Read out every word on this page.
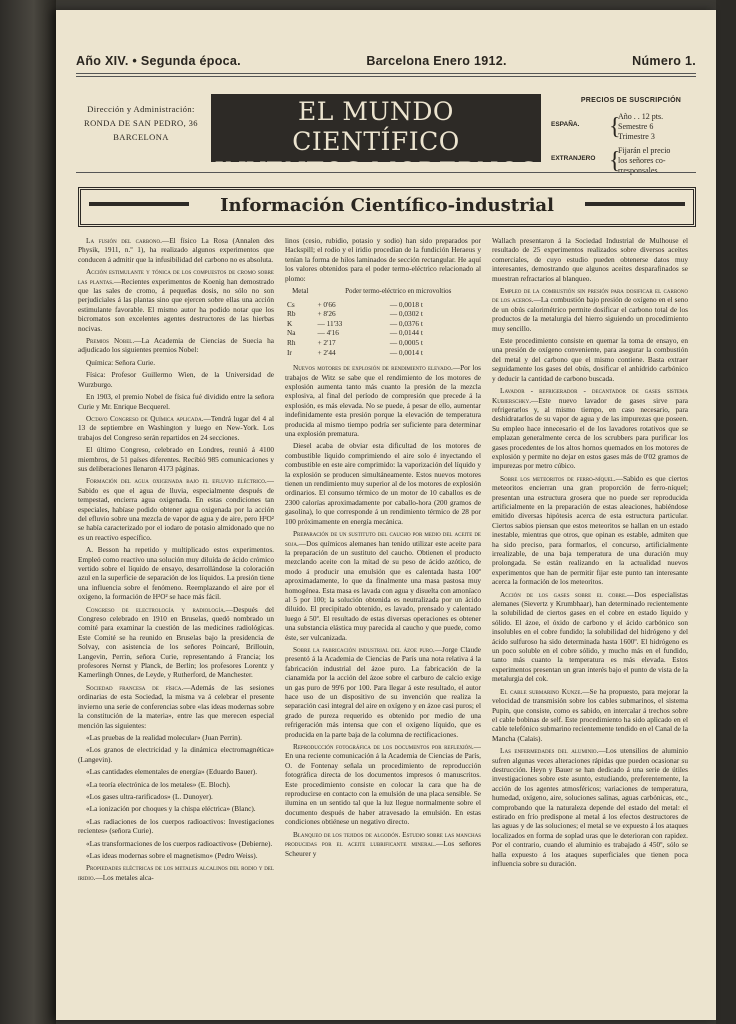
Año XIV. • Segunda época.	Barcelona Enero 1912.	Número 1.
Dirección y Administración:
RONDA DE SAN PEDRO, 36
BARCELONA
EL MUNDO CIENTÍFICO
INVENTOS MODERNOS
PRECIOS DE SUSCRIPCIÓN
ESPAÑA.	{
Año . . 12 pts.
Semestre 6
Trimestre 3
EXTRANJERO {
Fijarán el precio
los señores co-
rresponsales.
Información Científico-industrial

La fusión del carbono.—El físico La Rosa (Annalen des Physik, 1911, n.º 1), ha realizado algunos experimentos que conducen á admitir que la infusibilidad del carbono no es absoluta.

Acción estimulante y tónica de los compuestos de cromo sobre las plantas.—Recientes experimentos de Koenig han demostrado que las sales de cromo, á pequeñas dosis, no sólo no son perjudiciales á las plantas sino que ejercen sobre ellas una acción estimulante favorable. El mismo autor ha podido notar que los bicromatos son excelentes agentes destructores de las hierbas nocivas.

Premios Nobel.—La Academia de Ciencias de Suecia ha adjudicado los siguientes premios Nobel:

Química: Señora Curie.

Física: Profesor Guillermo Wien, de la Universidad de Wurzburgo.

En 1903, el premio Nobel de física fué dividido entre la señora Curie y Mr. Enrique Becquerel.

Octavo Congreso de Química aplicada.—Tendrá lugar del 4 al 13 de septiembre en Washington y luego en New-York. Los trabajos del Congreso serán repartidos en 24 secciones.

El último Congreso, celebrado en Londres, reunió á 4100 miembros, de 51 países diferentes. Recibió 985 comunicaciones y sus deliberaciones llenaron 4173 páginas.

Formación del agua oxigenada bajo el efluvio eléctrico.—Sabido es que el agua de lluvia, especialmente después de tempestad, encierra agua oxigenada. En estas condiciones tan especiales, habíase podido obtener agua oxigenada por la acción del efluvio sobre una mezcla de vapor de agua y de aire, pero H²O² se había caracterizado por el iodaro de potasio almidonado que no es un reactivo específico.

A. Besson ha repetido y multiplicado estos experimentos. Empleó como reactivo una solución muy diluída de ácido crómico vertido sobre el líquido de ensayo, desarrollándose la coloración azul en la superficie de separación de los líquidos. La presión tiene una influencia sobre el fenómeno. Reemplazando el aire por el oxígeno, la formación de H²O² se hace más fácil.

Congreso de electrología y radiología.—Después del Congreso celebrado en 1910 en Bruselas, quedó nombrado un comité para examinar la cuestión de las medicines radiológicas. Este Comité se ha reunido en Bruselas bajo la presidencia de Solvay, con asistencia de los señores Poincaré, Brillouin, Langevin, Perrin, señora Curie, representando á Francia; los profesores Nernst y Planck, de Berlin; los profesores Lorentz y Kamerlingh Onnes, de Leyde, y Rutherford, de Manchester.

Sociedad francesa de física.—Además de las sesiones ordinarias de esta Sociedad, la misma va á celebrar el presente invierno una serie de conferencias sobre «las ideas modernas sobre la constitución de la materia», entre las que merecen especial mención las siguientes:

«Las pruebas de la realidad molecular» (Juan Perrin).

«Los granos de electricidad y la dinámica electromagnética» (Langevin).

«Las cantidades elementales de energía» (Eduardo Bauer).

«La teoría electrónica de los metales» (E. Bloch).

«Los gases ultra-rarificados» (L. Dunoyer).

«La ionización por choques y la chispa eléctrica» (Blanc).

«Las radiaciones de los cuerpos radioactivos: Investigaciones recientes» (señora Curie).

«Las transformaciones de los cuerpos radioactivos» (Debierne).

«Las ideas modernas sobre el magnetismo» (Pedro Weiss).

Propiedades eléctricas de los metales alcalinos del rodio y del iridio.—Los metales alca-

linos (cesio, rubidio, potasio y sodio) han sido preparados por Hackspill; el rodio y el iridio procedían de la fundición Heraeus y tenían la forma de hilos laminados de sección rectangular. He aquí los valores obtenidos para el poder termo-eléctrico relacionado al plomo:

Metal	Poder termo-eléctrico en microvoltios	
Cs	+ 0'66	— 0,0018 t
Rb	+ 8'26	— 0,0302 t
K	— 11'33	— 0,0376 t
Na	— 4'16	— 0,0144 t
Rh	+ 2'17	— 0,0005 t
Ir	+ 2'44	— 0,0014 t

Nuevos motores de explosión de rendimiento elevado.—Por los trabajos de Witz se sabe que el rendimiento de los motores de explosión aumenta tanto más cuanto la presión de la mezcla explosiva, al final del período de compresión que precede á la explosión, es más elevada. No se puede, á pesar de ello, aumentar indefinidamente esta presión porque la elevación de temperatura producida al mismo tiempo podría ser suficiente para determinar una explosión prematura.

Diesel acaba de obviar esta dificultad de los motores de combustible líquido comprimiendo el aire solo é inyectando el combustible en este aire comprimido: la vaporización del líquido y la explosión se producen simultáneamente. Estos nuevos motores tienen un rendimiento muy superior al de los motores de explosión ordinarios. El consumo térmico de un motor de 10 caballos es de 2300 calorías aproximadamente por caballo-hora (200 gramos de gasolina), lo que corresponde á un rendimiento térmico de 28 por 100 próximamente en energía mecánica.

Preparación de un sustituto del caucho por medio del aceite de soja.—Dos químicos alemanes han tenido utilizar este aceite para la preparación de un sustituto del caucho. Obtienen el producto mezclando aceite con la mitad de su peso de ácido azótico, de modo á producir una emulsión que es calentada hasta 100º aproximadamente, lo que da finalmente una masa pastosa muy homogénea. Esta masa es lavada con agua y disuelta con amoníaco al 5 por 100; la solución obtenida es neutralizada por un ácido diluído. El precipitado obtenido, es lavado, prensado y calentado luego á 50º. El resultado de estas diversas operaciones es obtener una substancia elástica muy parecida al caucho y que puede, como éste, ser vulcanizada.

Sobre la fabricación industrial del ázoe puro.—Jorge Claude presentó á la Academia de Ciencias de París una nota relativa á la fabricación industrial del ázoe puro. La fabricación de la cianamida por la acción del ázoe sobre el carburo de calcio exige un gas puro de 99'6 por 100. Para llegar á este resultado, el autor hace uso de un dispositivo de su invención que realiza la separación casi integral del aire en oxígeno y en ázoe casi puros; el grado de pureza requerido es obtenido por medio de una refrigeración más intensa que con el oxígeno líquido, que es producida en la parte baja de la columna de rectificaciones.

Reproducción fotográfica de los documentos por reflexión.—En una reciente comunicación á la Academia de Ciencias de París, O. de Fontenay señala un procedimiento de reproducción fotográfica directa de los documentos impresos ó manuscritos. Este procedimiento consiste en colocar la cara que ha de reproducirse en contacto con la emulsión de una placa sensible. Se ilumina en un sentido tal que la luz llegue normalmente sobre el documento después de haber atravesado la emulsión. En estas condiciones obtiénese un negativo directo.

Blanqueo de los tejidos de algodón. Estudio sobre las manchas producidas por el aceite lubrificante mineral.—Los señores Scheurer y

Wallach presentaron á la Sociedad Industrial de Mulhouse el resultado de 25 experimentos realizados sobre diversos aceites comerciales, de cuyo estudio pueden obtenerse datos muy interesantes, demostrando que algunos aceites desparafinados se muestran refractarios al blanqueo.

Empleo de la combustión sin presión para dosificar el carbono de los aceros.—La combustión bajo presión de oxígeno en el seno de un obús calorimétrico permite dosificar el carbono total de los productos de la metalurgia del hierro siguiendo un procedimiento muy sencillo.

Este procedimiento consiste en quemar la toma de ensayo, en una presión de oxígeno conveniente, para asegurar la combustión del metal y del carbono que el mismo contiene. Basta extraer seguidamente los gases del obús, dosificar el anhídrido carbónico y deducir la cantidad de carbono buscada.

Lavador - refrigerador - decantador de gases sistema Kubierschky.—Este nuevo lavador de gases sirve para refrigerarlos y, al mismo tiempo, en caso necesario, para deshidratarlos de su vapor de agua y de las impurezas que poseen. Su empleo hace innecesario el de los lavadores rotativos que se emplazan generalmente cerca de los scrubbers para purificar los gases procedentes de los altos hornos quemados en los motores de explosión y permite no dejar en estos gases más de 0'02 gramos de impurezas por metro cúbico.

Sobre los meteoritos de ferro-níquel.—Sabido es que ciertos meteoritos encierran una gran proporción de ferro-níquel; presentan una estructura grosera que no puede ser reproducida artificialmente en la preparación de estas aleaciones, habiéndose emitido diversas hipótesis acerca de esta estructura particular. Ciertos sabios piensan que estos meteoritos se hallan en un estado inestable, mientras que otros, que opinan es estable, admiten que ha sido preciso, para formarlos, el concurso, artificialmente irrealizable, de una baja temperatura de una duración muy prolongada. Se están realizando en la actualidad nuevos experimentos que han de permitir fijar este punto tan interesante acerca la formación de los meteoritos.

Acción de los gases sobre el cobre.—Dos especialistas alemanes (Sievertz y Krumbhaar), han determinado recientemente la solubilidad de ciertos gases en el cobre en estado líquido y sólido. El ázoe, el óxido de carbono y el ácido carbónico son insolubles en el cobre fundido; la solubilidad del hidrógeno y del ácido sulfuroso ha sido determinada hasta 1600º. El hidrógeno es un poco soluble en el cobre sólido, y mucho más en el fundido, tanto más cuanto la temperatura es más elevada. Estos experimentos presentan un gran interés bajo el punto de vista de la metalurgia del cok.

El cable submarino Kunze.—Se ha propuesto, para mejorar la velocidad de transmisión sobre los cables submarinos, el sistema Pupin, que consiste, como es sabido, en intercalar á trechos sobre el cable bobinas de self. Este procedimiento ha sido aplicado en el cable telefónico submarino recientemente tendido en el Canal de la Mancha (Calais).

Las enfermedades del aluminio.—Los utensilios de aluminio sufren algunas veces alteraciones rápidas que pueden ocasionar su destrucción. Heyn y Bauer se han dedicado á una serie de útiles investigaciones sobre este asunto, estudiando, preferentemente, la acción de los agentes atmosféricos; variaciones de temperatura, humedad, oxígeno, aire, soluciones salinas, aguas carbónicas, etc., comprobando que la naturaleza depende del estado del metal: el estirado en frío predispone al metal á los efectos destructores de las aguas y de las soluciones; el metal se ve expuesto á los ataques localizados en forma de soplad uras que le deterioran con rapidez. Por el contrario, cuando el aluminio es trabajado á 450º, sólo se halla expuesto á los ataques superficiales que tienen poca influencia sobre su duración.
